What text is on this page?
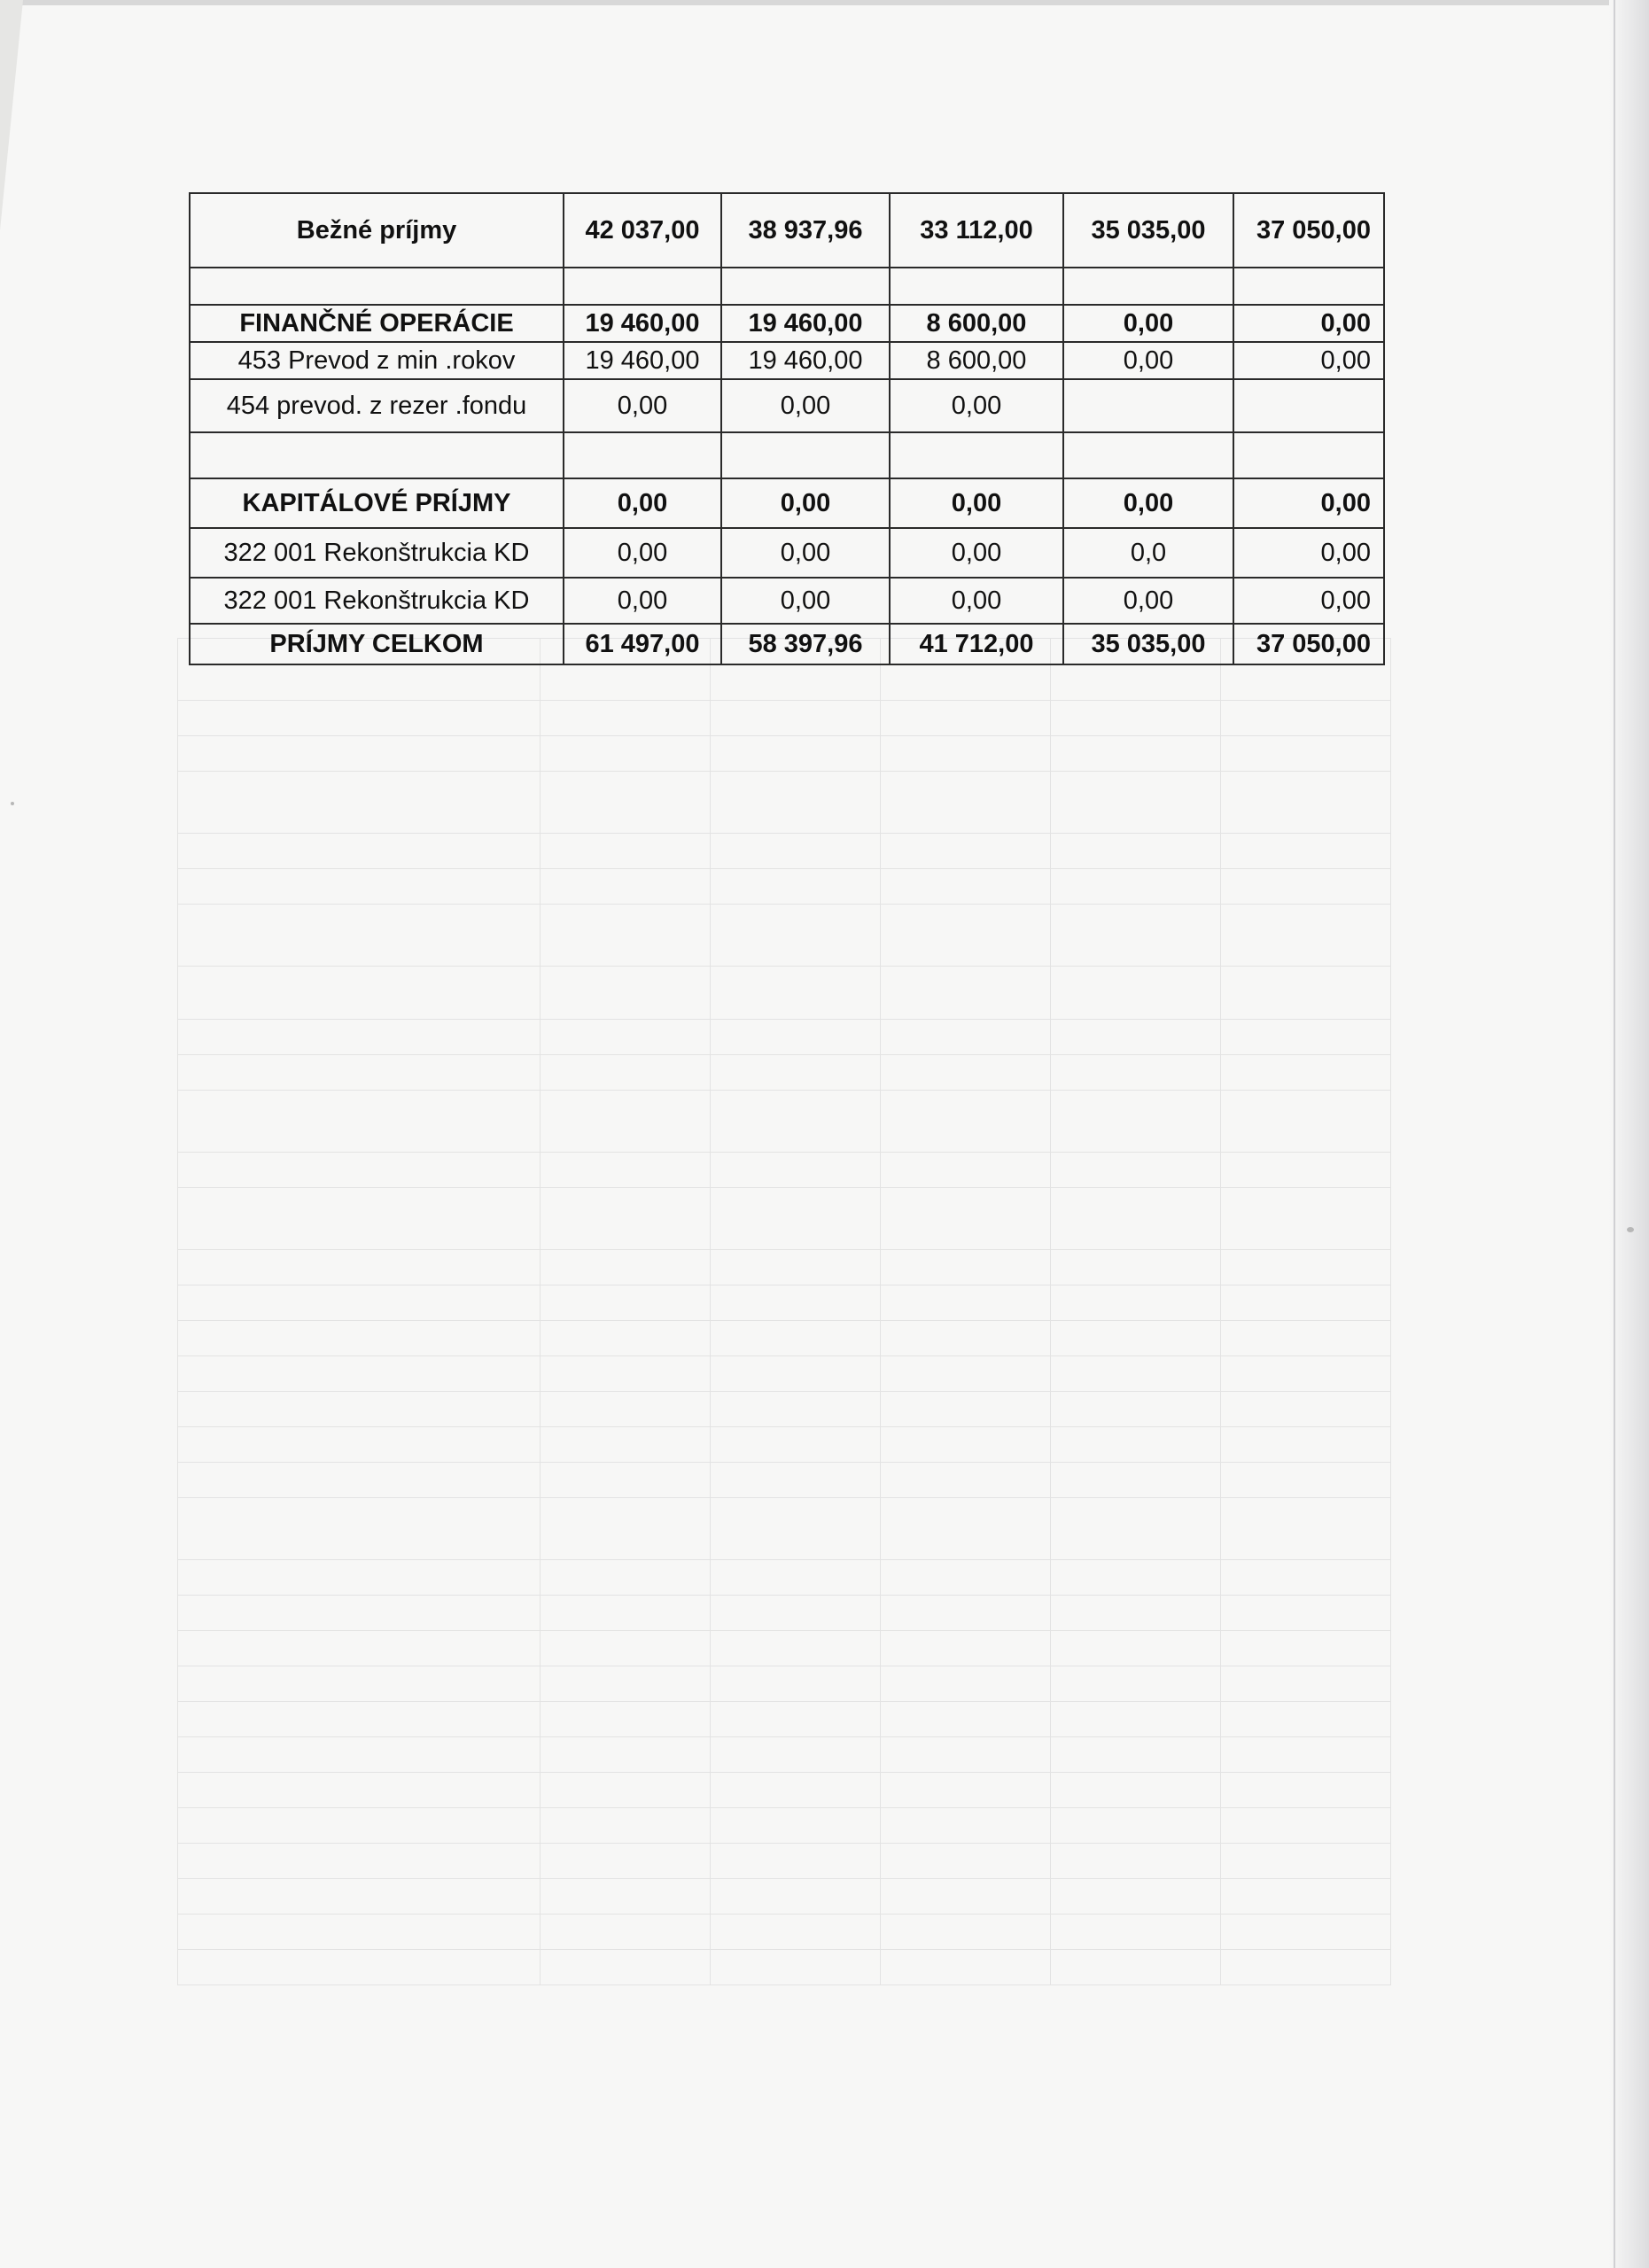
Bežné príjmy	42 037,00	38 937,96	33 112,00	35 035,00	37 050,00

FINANČNÉ OPERÁCIE	19 460,00	19 460,00	8 600,00	0,00	0,00
453 Prevod z min .rokov	19 460,00	19 460,00	8 600,00	0,00	0,00
454 prevod. z rezer .fondu	0,00	0,00	0,00		

KAPITÁLOVÉ PRÍJMY	0,00	0,00	0,00	0,00	0,00
322 001 Rekonštrukcia KD	0,00	0,00	0,00	0,0	0,00
322 001 Rekonštrukcia KD	0,00	0,00	0,00	0,00	0,00
PRÍJMY CELKOM	61 497,00	58 397,96	41 712,00	35 035,00	37 050,00
